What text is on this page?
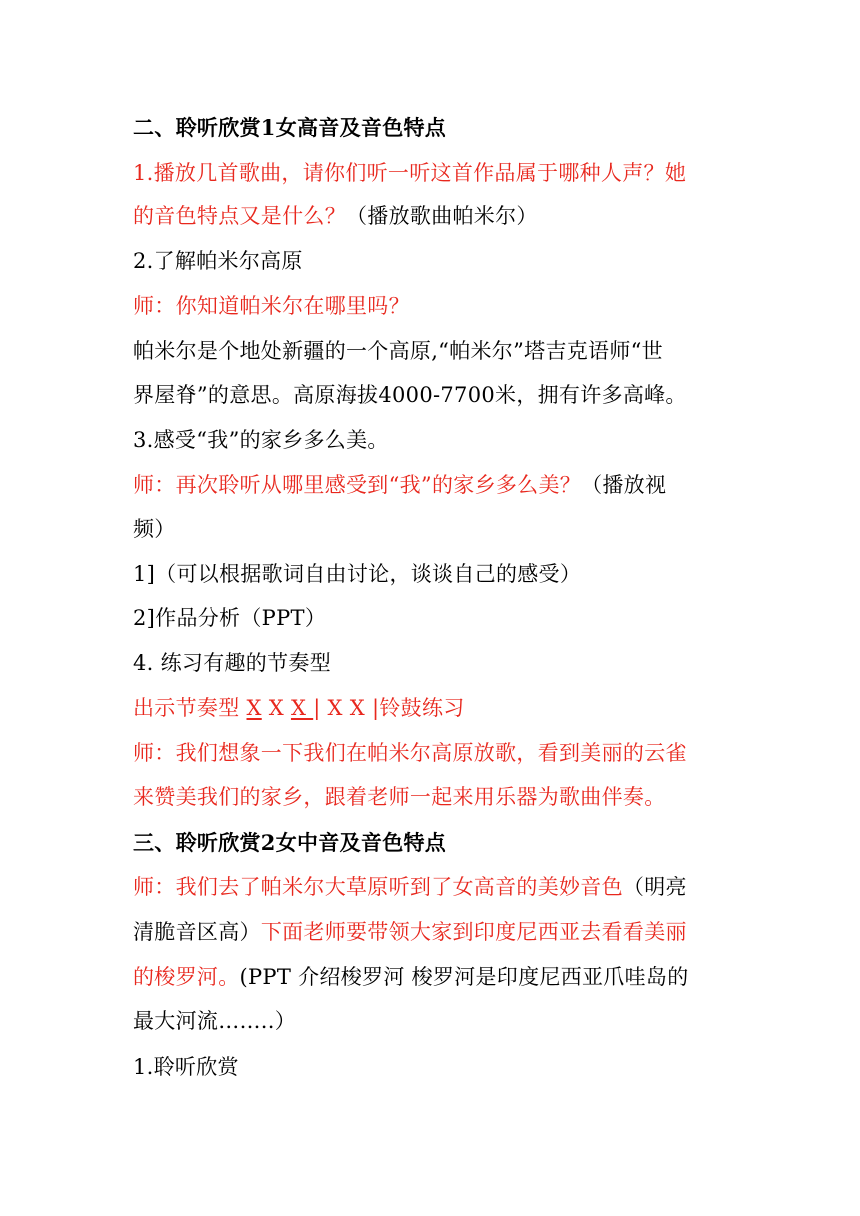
二、聆听欣赏1女高音及音色特点
1.播放几首歌曲，请你们听一听这首作品属于哪种人声？她
的音色特点又是什么？（播放歌曲帕米尔）
2.了解帕米尔高原
师：你知道帕米尔在哪里吗？
帕米尔是个地处新疆的一个高原,“帕米尔”塔吉克语师“世
界屋脊”的意思。高原海拔4000-7700米，拥有许多高峰。
3.感受“我”的家乡多么美。
师：再次聆听从哪里感受到“我”的家乡多么美？（播放视
频）
1]（可以根据歌词自由讨论，谈谈自己的感受）
2]作品分析（PPT）
4. 练习有趣的节奏型
出示节奏型 X X X | X X |铃鼓练习
师：我们想象一下我们在帕米尔高原放歌，看到美丽的云雀
来赞美我们的家乡，跟着老师一起来用乐器为歌曲伴奏。
三、聆听欣赏2女中音及音色特点
师：我们去了帕米尔大草原听到了女高音的美妙音色（明亮
清脆音区高）下面老师要带领大家到印度尼西亚去看看美丽
的梭罗河。(PPT 介绍梭罗河 梭罗河是印度尼西亚爪哇岛的
最大河流……..）
1.聆听欣赏
